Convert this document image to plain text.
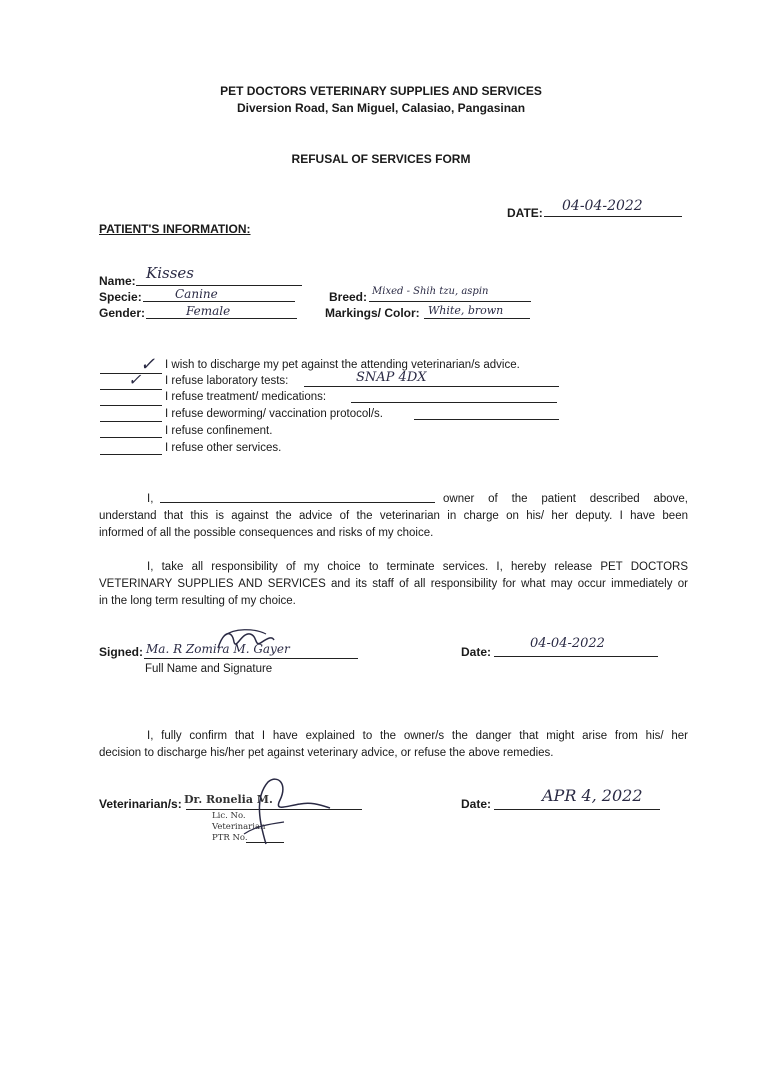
PET DOCTORS VETERINARY SUPPLIES AND SERVICES
Diversion Road, San Miguel, Calasiao, Pangasinan
REFUSAL OF SERVICES FORM
DATE: 04-04-2022
PATIENT'S INFORMATION:
Name: Kisses
Specie:	Canine
Gender:	Female
Breed: Mixed - Shih tzu, aspin
Markings/ Color: White, brown
✓ I wish to discharge my pet against the attending veterinarian/s advice.
✓ I refuse laboratory tests:	SNAP 4DX
I refuse treatment/ medications:
I refuse deworming/ vaccination protocol/s.
I refuse confinement.
I refuse other services.
I,	owner of the patient described above,
understand that this is against the advice of the veterinarian in charge on his/ her deputy. I have been
informed of all the possible consequences and risks of my choice.
I, take all responsibility of my choice to terminate services. I, hereby release PET DOCTORS
VETERINARY SUPPLIES AND SERVICES and its staff of all responsibility for what may occur immediately or
in the long term resulting of my choice.
Signed: Ma. R Zomira M. Gayer
Full Name and Signature
Date:
04-04-2022
I, fully confirm that I have explained to the owner/s the danger that might arise from his/ her
decision to discharge his/her pet against veterinary advice, or refuse the above remedies.
Veterinarian/s: Dr. Ronelia M.
Lic. No.
Veterinarian
PTR No.
Date:	APR 4, 2022
